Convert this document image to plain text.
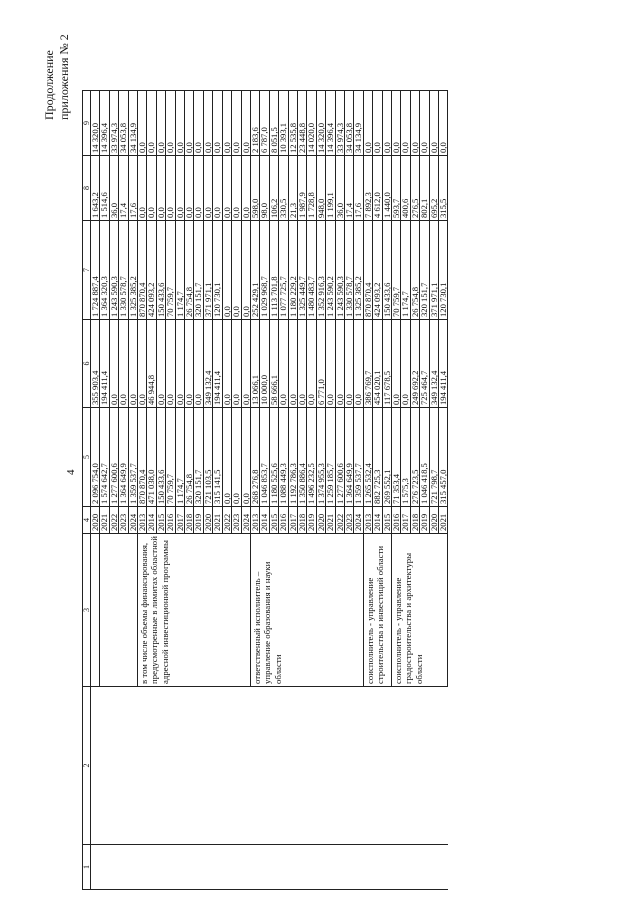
4
Продолжение приложения № 2
1	2	3	4	5	6	7	8	9
			2020	2 096 754,0	355 903,4	1 724 887,4	1 643,2	14 320,0
			2021	1 574 642,7	194 411,4	1 364 320,3	1 514,6	14 396,4
			2022	1 277 600,6	0,0	1 243 590,3	36,0	33 974,3
			2023	1 364 649,9	0,0	1 330 578,7	17,4	34 053,8
			2024	1 359 537,7	0,0	1 325 385,2	17,6	34 134,9
		в том числе объемы финансирования, предусмотренные в лимитах областной адресной инвестиционной программы	2013	870 870,4	0,0	870 870,4	0,0	0,0
			2014	471 038,0	46 944,8	424 093,2	0,0	0,0
			2015	150 433,6	0,0	150 433,6	0,0	0,0
			2016	70 759,7	0,0	70 759,7	0,0	0,0
			2017	1 174,7	0,0	1 174,7	0,0	0,0
			2018	26 754,8	0,0	26 754,8	0,0	0,0
			2019	320 151,7	0,0	320 151,7	0,0	0,0
			2020	721 103,5	349 132,4	371 971,1	0,0	0,0
			2021	315 141,5	194 411,4	120 730,1	0,0	0,0
			2022	0,0	0,0	0,0	0,0	0,0
			2023	0,0	0,0	0,0	0,0	0,0
			2024	0,0	0,0	0,0	0,0	0,0
		ответственный исполнитель – управление образования и науки области	2013	268 276,8	13 066,1	252 429,1	598,0	2 183,6
			2014	1 046 853,7	10 000,0	1 029 968,7	98,0	6 787,0
			2015	1 180 525,6	58 666,1	1 113 701,8	106,2	8 051,5
			2016	1 088 449,3	0,0	1 077 725,7	330,5	10 393,1
			2017	1 192 786,3	0,0	1 180 229,2	21,3	12 535,8
			2018	1 350 886,4	0,0	1 325 449,7	1 987,9	23 448,8
			2019	1 496 232,5	0,0	1 480 483,7	1 728,8	14 020,0
			2020	1 374 955,3	6 771,0	1 352 916,3	948,0	14 320,0
			2021	1 259 185,7	0,0	1 243 590,2	1 199,1	14 396,4
			2022	1 277 600,6	0,0	1 243 590,3	36,0	33 974,3
			2023	1 364 649,9	0,0	1 330 578,7	17,4	34 053,8
			2024	1 359 537,7	0,0	1 325 385,2	17,6	34 134,9
		соисполнитель - управление строительства и инвестиций области	2013	1 265 532,4	386 769,7	870 870,4	7 892,3	0,0
			2014	882 725,3	454 020,1	424 093,2	4 612,0	0,0
			2015	269 552,1	117 678,5	150 433,6	1 440,0	0,0
		соисполнитель - управление градостроительства и архитектуры области	2016	71 353,4	0,0	70 759,7	593,7	0,0
			2017	1 575,3	0,0	1 174,7	400,6	0,0
			2018	276 723,5	249 692,2	26 754,8	276,5	0,0
			2019	1 046 418,5	725 464,7	320 151,7	802,1	0,0
			2020	721 798,7	349 132,4	371 971,1	695,2	0,0
			2021	315 457,0	194 411,4	120 730,1	315,5	0,0
